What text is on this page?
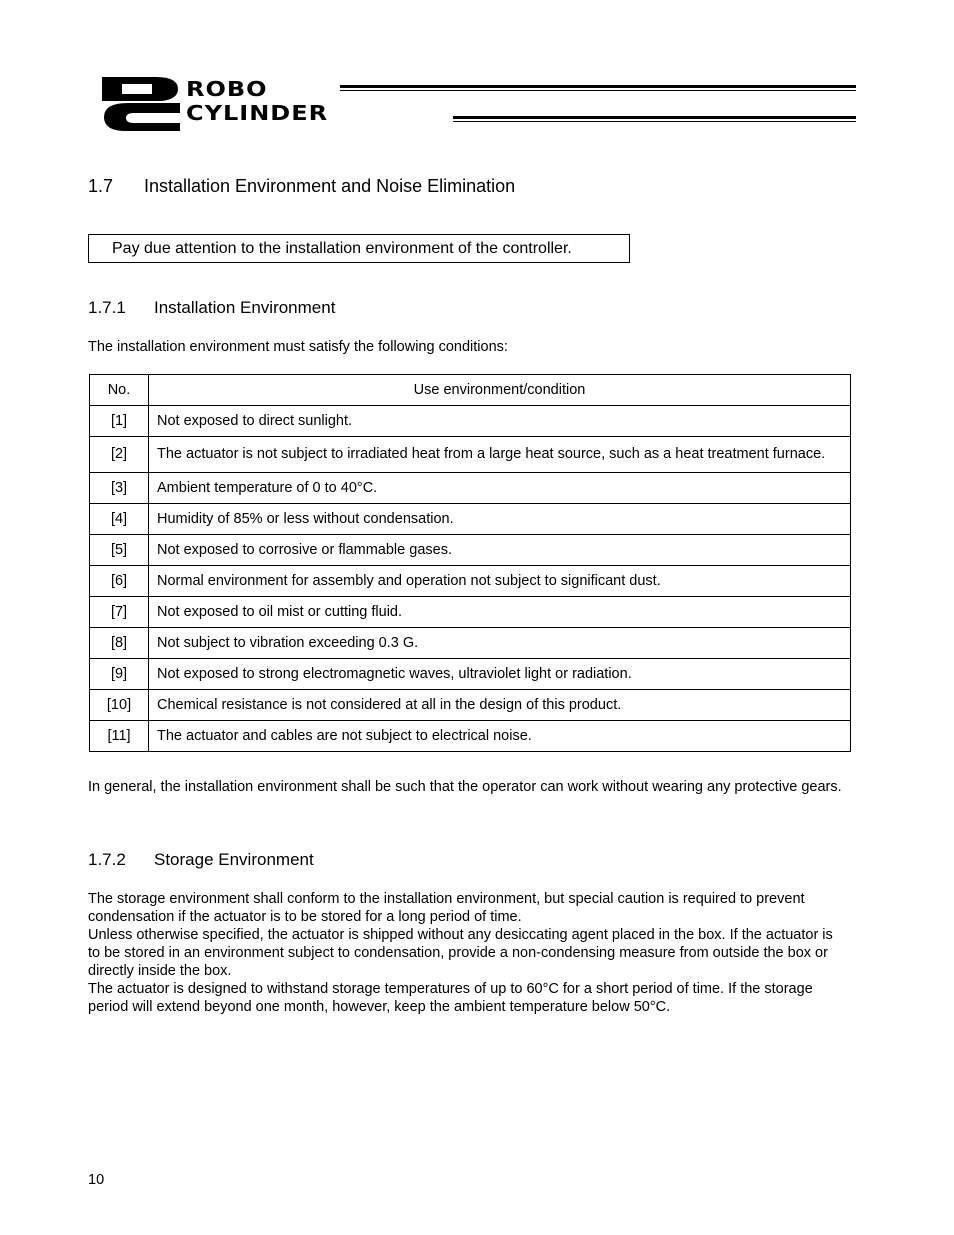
ROBO
CYLINDER
1.7 Installation Environment and Noise Elimination
Pay due attention to the installation environment of the controller.
1.7.1 Installation Environment
The installation environment must satisfy the following conditions:
No.	Use environment/condition
[1]	Not exposed to direct sunlight.
[2]	The actuator is not subject to irradiated heat from a large heat source, such as a heat treatment furnace.
[3]	Ambient temperature of 0 to 40°C.
[4]	Humidity of 85% or less without condensation.
[5]	Not exposed to corrosive or flammable gases.
[6]	Normal environment for assembly and operation not subject to significant dust.
[7]	Not exposed to oil mist or cutting fluid.
[8]	Not subject to vibration exceeding 0.3 G.
[9]	Not exposed to strong electromagnetic waves, ultraviolet light or radiation.
[10]	Chemical resistance is not considered at all in the design of this product.
[11]	The actuator and cables are not subject to electrical noise.
In general, the installation environment shall be such that the operator can work without wearing any protective gears.
1.7.2 Storage Environment
The storage environment shall conform to the installation environment, but special caution is required to prevent condensation if the actuator is to be stored for a long period of time.
Unless otherwise specified, the actuator is shipped without any desiccating agent placed in the box. If the actuator is to be stored in an environment subject to condensation, provide a non-condensing measure from outside the box or directly inside the box.
The actuator is designed to withstand storage temperatures of up to 60°C for a short period of time. If the storage period will extend beyond one month, however, keep the ambient temperature below 50°C.
10
